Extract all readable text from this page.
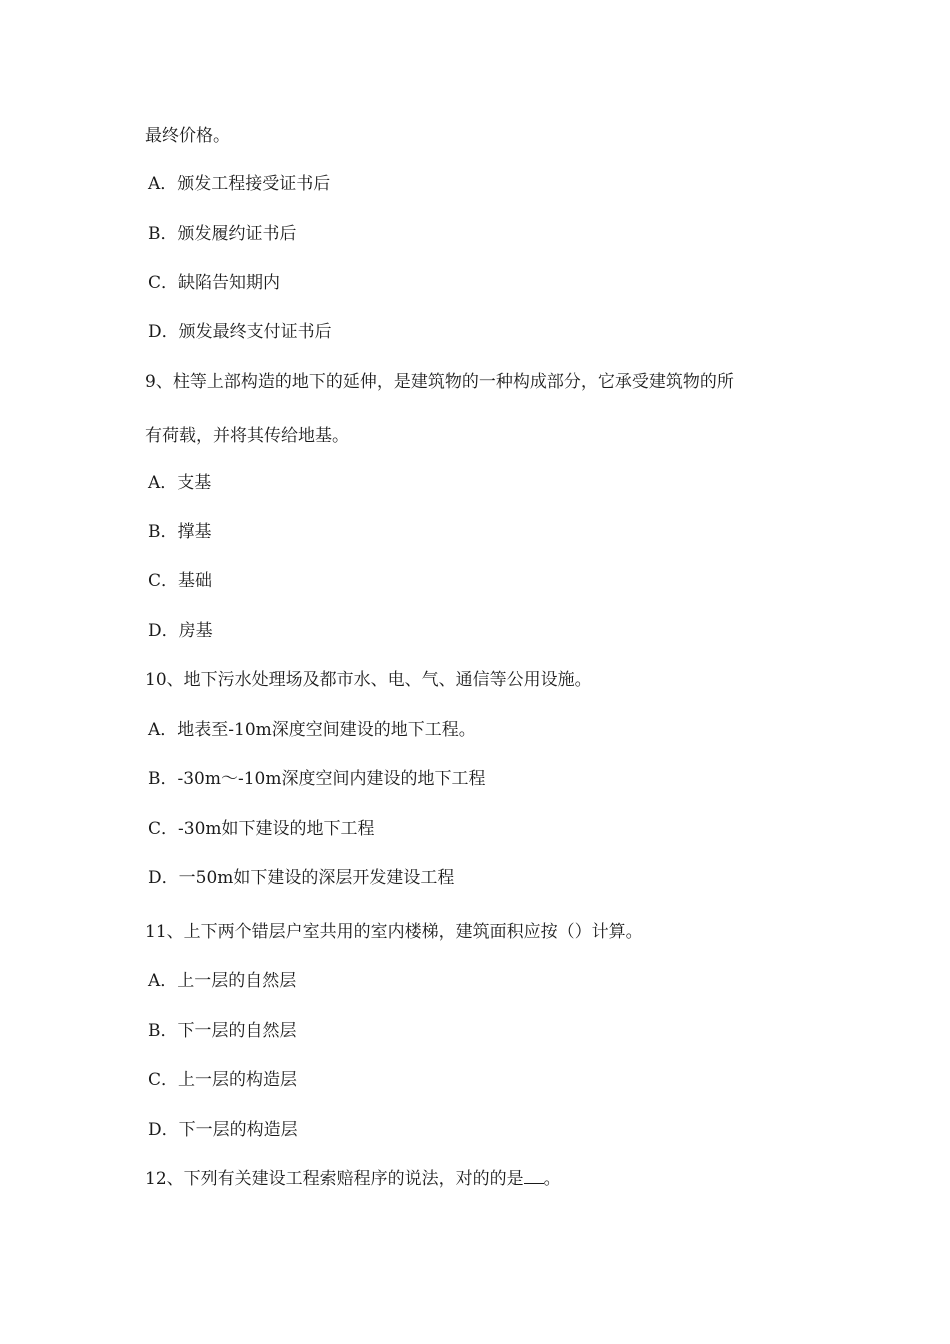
最终价格。
A．颁发工程接受证书后
B．颁发履约证书后
C．缺陷告知期内
D．颁发最终支付证书后
9、柱等上部构造的地下的延伸，是建筑物的一种构成部分，它承受建筑物的所
有荷载，并将其传给地基。
A．支基
B．撑基
C．基础
D．房基
10、地下污水处理场及都市水、电、气、通信等公用设施。
A．地表至-10m深度空间建设的地下工程。
B．-30m～-10m深度空间内建设的地下工程
C．-30m如下建设的地下工程
D．一50m如下建设的深层开发建设工程
11、上下两个错层户室共用的室内楼梯，建筑面积应按（）计算。
A．上一层的自然层
B．下一层的自然层
C．上一层的构造层
D．下一层的构造层
12、下列有关建设工程索赔程序的说法，对的的是 。
